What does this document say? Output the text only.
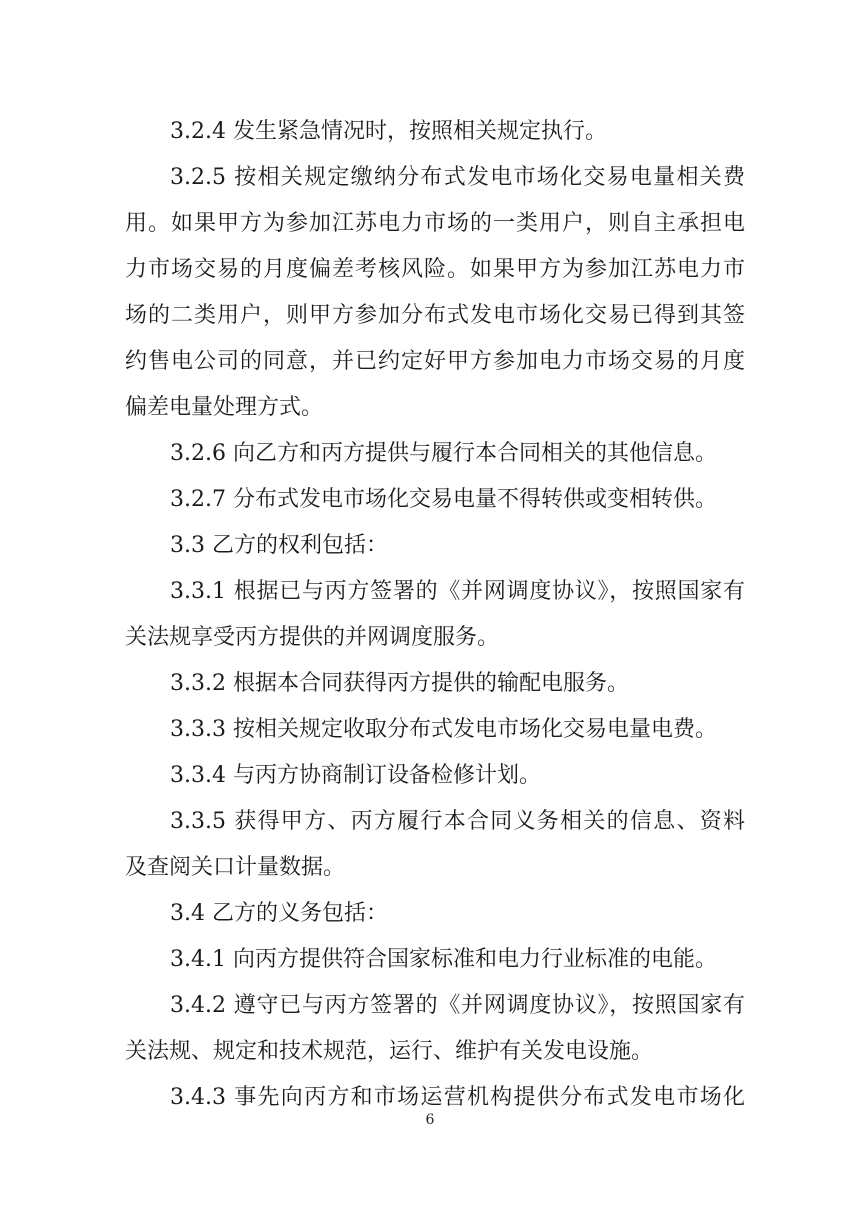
3.2.4 发生紧急情况时，按照相关规定执行。
3.2.5 按相关规定缴纳分布式发电市场化交易电量相关费
用。如果甲方为参加江苏电力市场的一类用户，则自主承担电
力市场交易的月度偏差考核风险。如果甲方为参加江苏电力市
场的二类用户，则甲方参加分布式发电市场化交易已得到其签
约售电公司的同意，并已约定好甲方参加电力市场交易的月度
偏差电量处理方式。
3.2.6 向乙方和丙方提供与履行本合同相关的其他信息。
3.2.7 分布式发电市场化交易电量不得转供或变相转供。
3.3 乙方的权利包括：
3.3.1 根据已与丙方签署的《并网调度协议》，按照国家有
关法规享受丙方提供的并网调度服务。
3.3.2 根据本合同获得丙方提供的输配电服务。
3.3.3 按相关规定收取分布式发电市场化交易电量电费。
3.3.4 与丙方协商制订设备检修计划。
3.3.5 获得甲方、丙方履行本合同义务相关的信息、资料
及查阅关口计量数据。
3.4 乙方的义务包括：
3.4.1 向丙方提供符合国家标准和电力行业标准的电能。
3.4.2 遵守已与丙方签署的《并网调度协议》，按照国家有
关法规、规定和技术规范，运行、维护有关发电设施。
3.4.3 事先向丙方和市场运营机构提供分布式发电市场化
6
